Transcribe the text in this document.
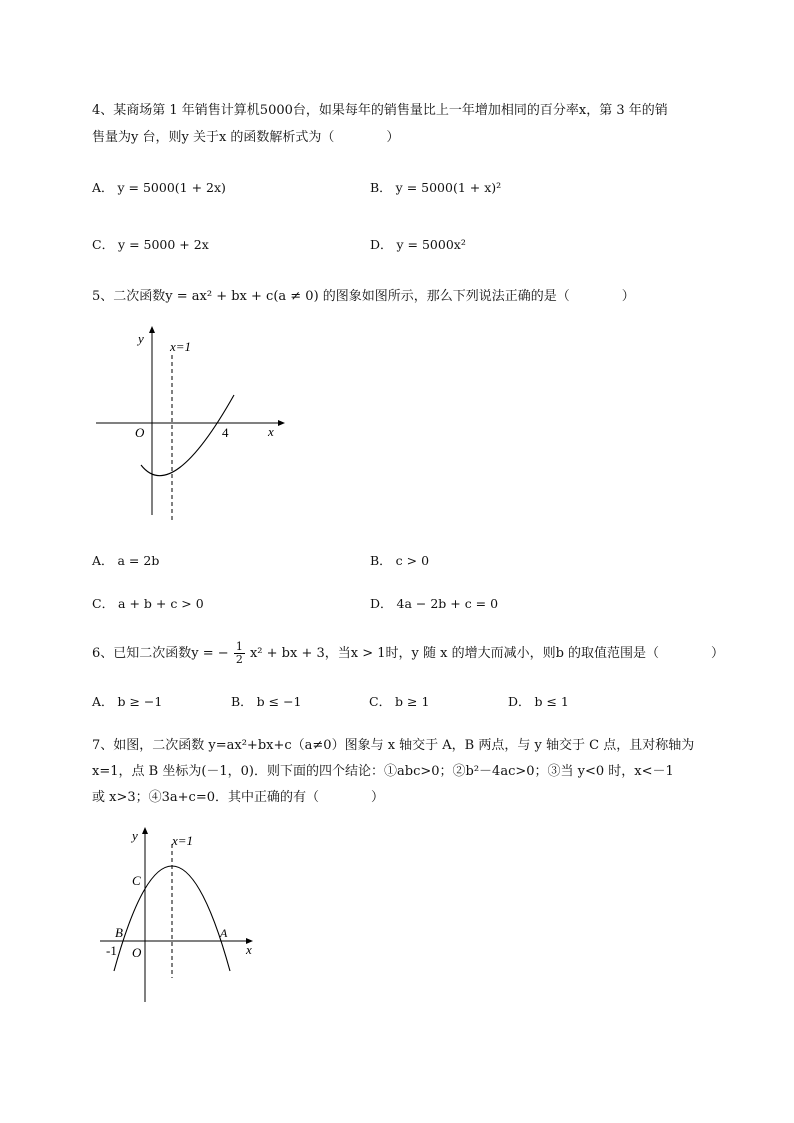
4、某商场第 1 年销售计算机5000台，如果每年的销售量比上一年增加相同的百分率x，第 3 年的销
售量为y 台，则y 关于x 的函数解析式为（　　　　）
A． y = 5000(1 + 2x)	B． y = 5000(1 + x)²
C． y = 5000 + 2x	D． y = 5000x²
5、二次函数y = ax² + bx + c(a ≠ 0) 的图象如图所示，那么下列说法正确的是（　　　　）
y
x=1
O	4	x
A． a = 2b	B． c > 0
C． a + b + c > 0	D． 4a − 2b + c = 0
6、已知二次函数y = − $\frac{1}{2} x^2$ + bx + 3，当x > 1时，y 随 x 的增大而减小，则b 的取值范围是（　　　　）
A． b ≥ −1	B． b ≤ −1	C． b ≥ 1	D． b ≤ 1
7、如图，二次函数 y=ax²+bx+c（a≠0）图象与 x 轴交于 A，B 两点，与 y 轴交于 C 点，且对称轴为
x=1，点 B 坐标为(－1，0)．则下面的四个结论：①abc>0；②b²－4ac>0；③当 y<0 时，x<－1
或 x>3；④3a+c=0．其中正确的有（　　　　）
y	x=1
C
B	A
-1 O	x
